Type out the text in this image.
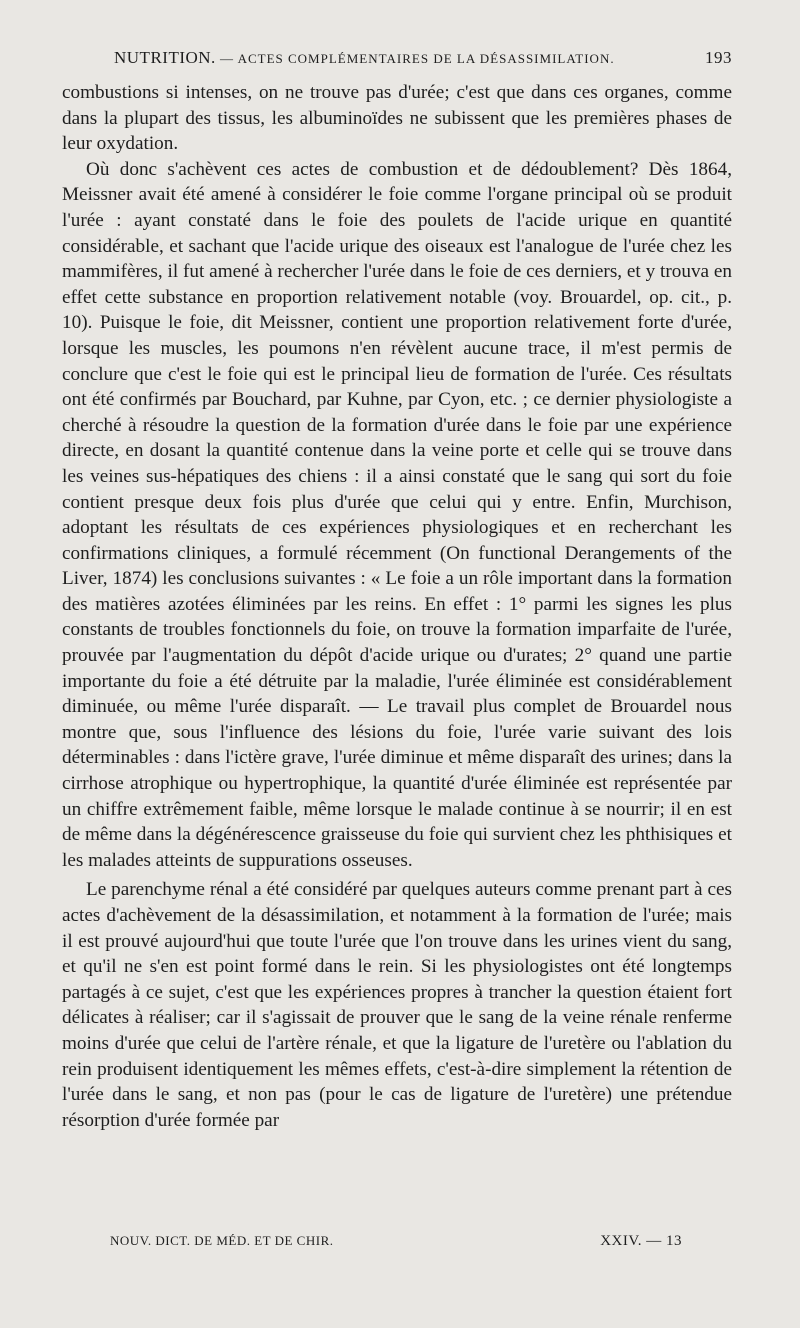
NUTRITION. — ACTES COMPLÉMENTAIRES DE LA DÉSASSIMILATION.	193

combustions si intenses, on ne trouve pas d'urée; c'est que dans ces organes, comme dans la plupart des tissus, les albuminoïdes ne subissent que les premières phases de leur oxydation.

Où donc s'achèvent ces actes de combustion et de dédoublement? Dès 1864, Meissner avait été amené à considérer le foie comme l'organe principal où se produit l'urée : ayant constaté dans le foie des poulets de l'acide urique en quantité considérable, et sachant que l'acide urique des oiseaux est l'analogue de l'urée chez les mammifères, il fut amené à rechercher l'urée dans le foie de ces derniers, et y trouva en effet cette substance en proportion relativement notable (voy. Brouardel, op. cit., p. 10). Puisque le foie, dit Meissner, contient une proportion relativement forte d'urée, lorsque les muscles, les poumons n'en révèlent aucune trace, il m'est permis de conclure que c'est le foie qui est le principal lieu de formation de l'urée. Ces résultats ont été confirmés par Bouchard, par Kuhne, par Cyon, etc. ; ce dernier physiologiste a cherché à résoudre la question de la formation d'urée dans le foie par une expérience directe, en dosant la quantité contenue dans la veine porte et celle qui se trouve dans les veines sus-hépatiques des chiens : il a ainsi constaté que le sang qui sort du foie contient presque deux fois plus d'urée que celui qui y entre. Enfin, Murchison, adoptant les résultats de ces expériences physiologiques et en recherchant les confirmations cliniques, a formulé récemment (On functional Derangements of the Liver, 1874) les conclusions suivantes : « Le foie a un rôle important dans la formation des matières azotées éliminées par les reins. En effet : 1° parmi les signes les plus constants de troubles fonctionnels du foie, on trouve la formation imparfaite de l'urée, prouvée par l'augmentation du dépôt d'acide urique ou d'urates; 2° quand une partie importante du foie a été détruite par la maladie, l'urée éliminée est considérablement diminuée, ou même l'urée disparaît. — Le travail plus complet de Brouardel nous montre que, sous l'influence des lésions du foie, l'urée varie suivant des lois déterminables : dans l'ictère grave, l'urée diminue et même disparaît des urines; dans la cirrhose atrophique ou hypertrophique, la quantité d'urée éliminée est représentée par un chiffre extrêmement faible, même lorsque le malade continue à se nourrir; il en est de même dans la dégénérescence graisseuse du foie qui survient chez les phthisiques et les malades atteints de suppurations osseuses.

Le parenchyme rénal a été considéré par quelques auteurs comme prenant part à ces actes d'achèvement de la désassimilation, et notamment à la formation de l'urée; mais il est prouvé aujourd'hui que toute l'urée que l'on trouve dans les urines vient du sang, et qu'il ne s'en est point formé dans le rein. Si les physiologistes ont été longtemps partagés à ce sujet, c'est que les expériences propres à trancher la question étaient fort délicates à réaliser; car il s'agissait de prouver que le sang de la veine rénale renferme moins d'urée que celui de l'artère rénale, et que la ligature de l'uretère ou l'ablation du rein produisent identiquement les mêmes effets, c'est-à-dire simplement la rétention de l'urée dans le sang, et non pas (pour le cas de ligature de l'uretère) une prétendue résorption d'urée formée par

NOUV. DICT. DE MÉD. ET DE CHIR.	XXIV. — 13
